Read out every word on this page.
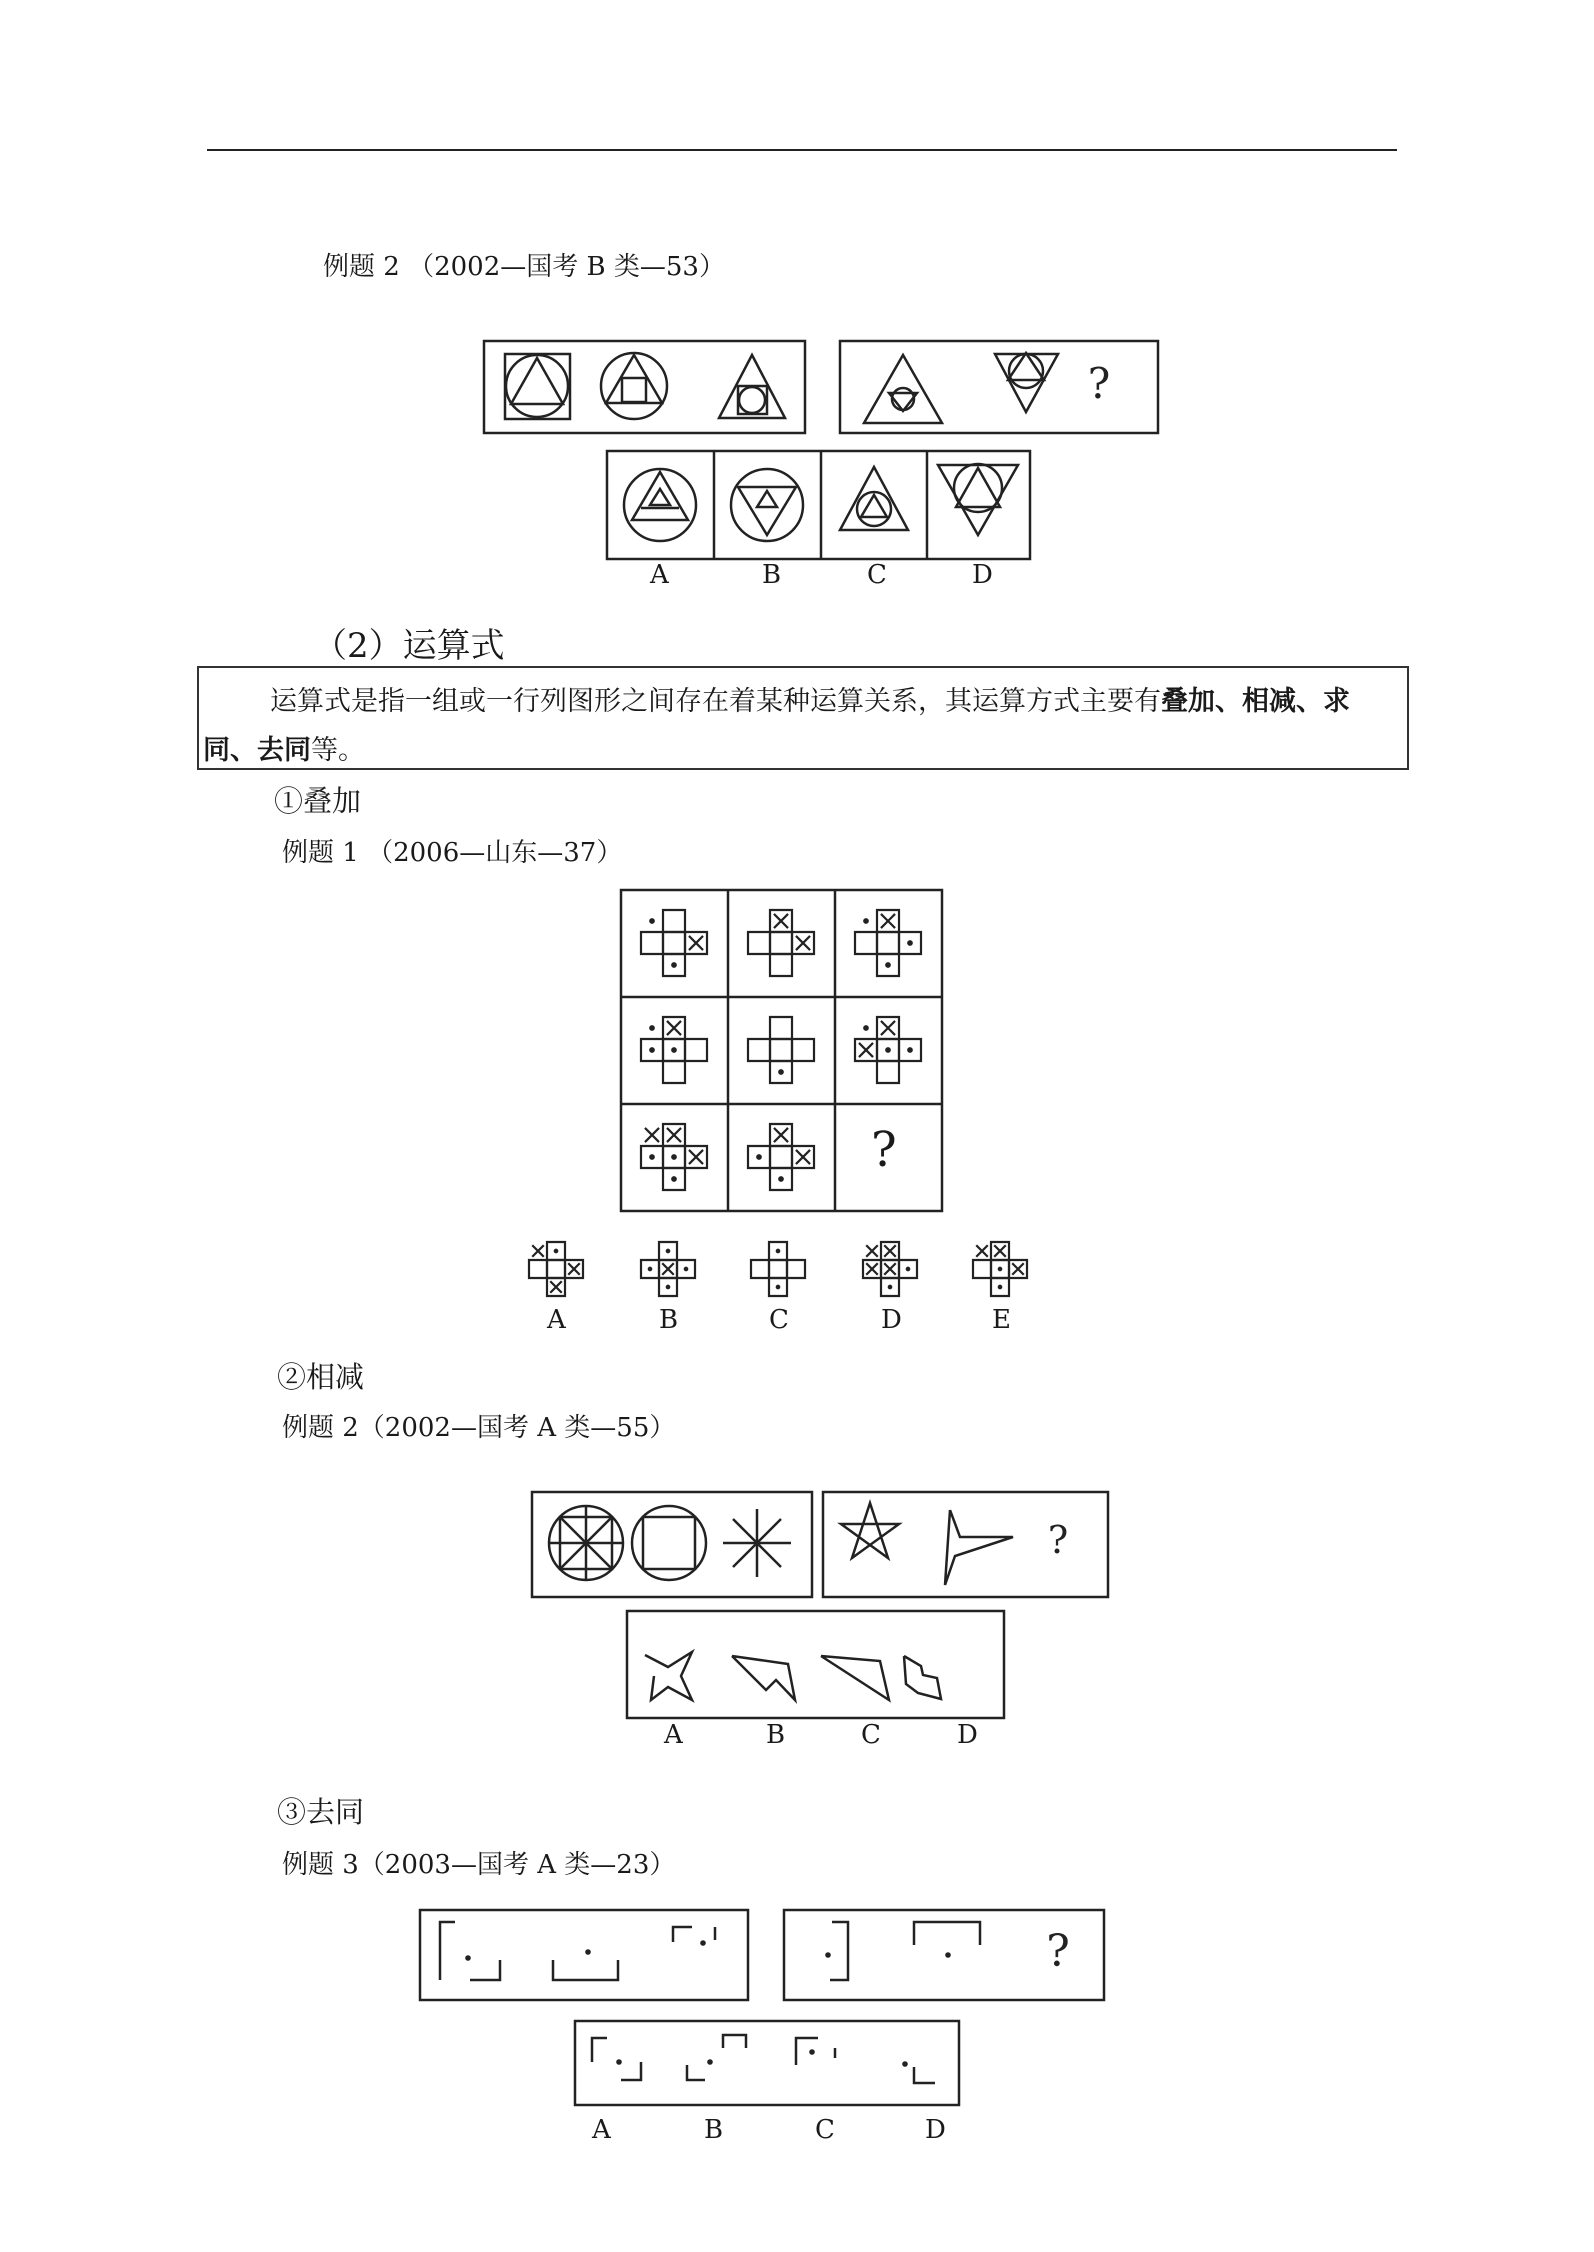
例题 2 （2002—国考 B 类—53）
?
A	B	C	D
（2）运算式
运算式是指一组或一行列图形之间存在着某种运算关系，其运算方式主要有叠加、相减、求
同、去同等。
①叠加
例题 1 （2006—山东—37）
?
A	B	C	D	E
②相减
例题 2（2002—国考 A 类—55）
?
A	B	C	D
③去同
例题 3（2003—国考 A 类—23）
?
A	B	C	D
